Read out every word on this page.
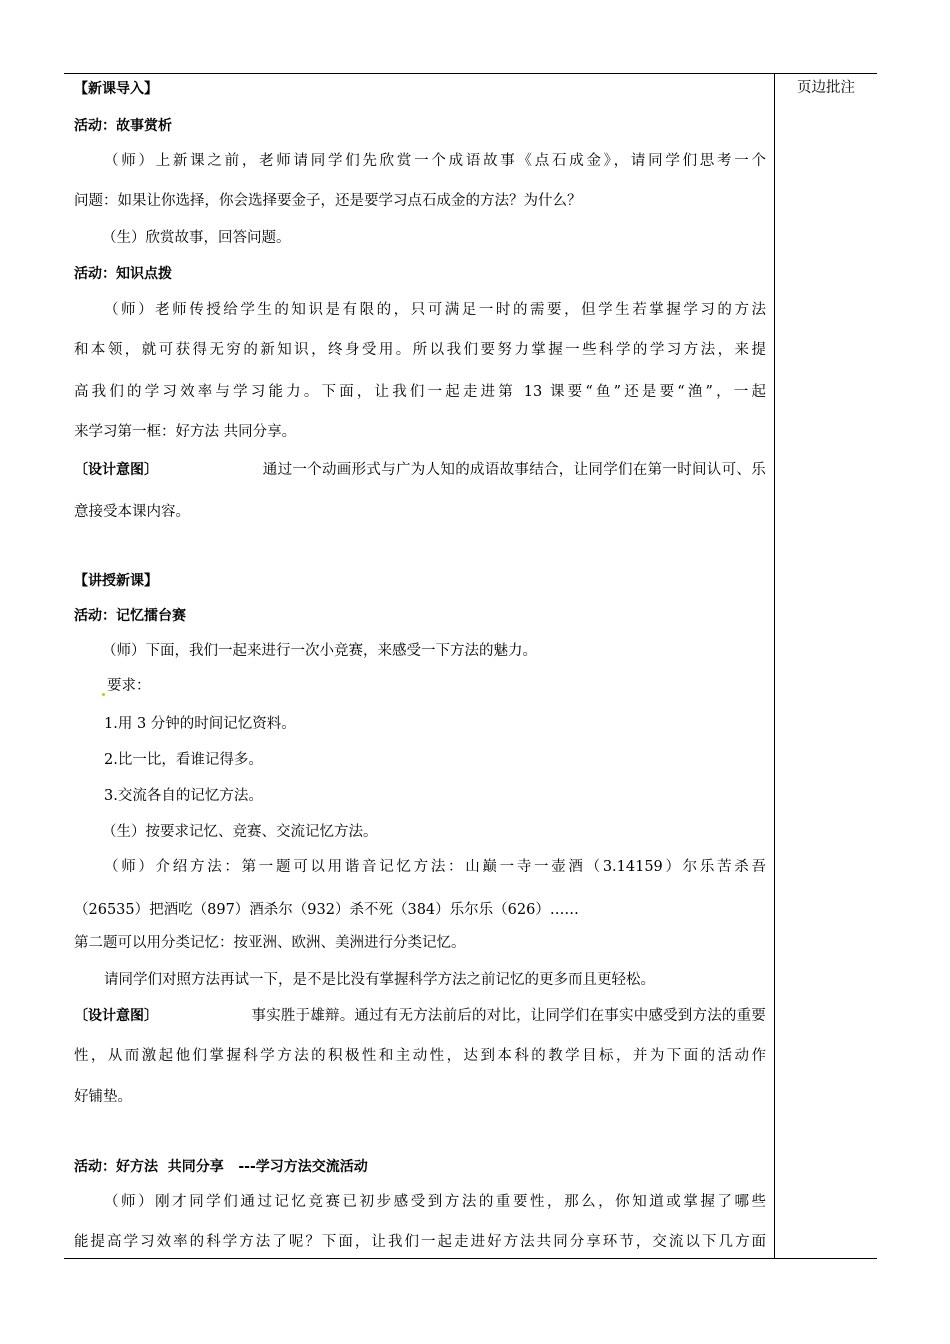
【新课导入】
活动：故事赏析
（师）上新课之前，老师请同学们先欣赏一个成语故事《点石成金》，请同学们思考一个
问题：如果让你选择，你会选择要金子，还是要学习点石成金的方法？为什么？
（生）欣赏故事，回答问题。
活动：知识点拨
（师）老师传授给学生的知识是有限的，只可满足一时的需要，但学生若掌握学习的方法
和本领，就可获得无穷的新知识，终身受用。所以我们要努力掌握一些科学的学习方法，来提
高我们的学习效率与学习能力。下面，让我们一起走进第 13 课要“鱼”还是要“渔”，一起
来学习第一框：好方法 共同分享。
〔设计意图〕	通过一个动画形式与广为人知的成语故事结合，让同学们在第一时间认可、乐
意接受本课内容。
【讲授新课】
活动：记忆擂台赛
（师）下面，我们一起来进行一次小竞赛，来感受一下方法的魅力。
要求：
1.用 3 分钟的时间记忆资料。
2.比一比，看谁记得多。
3.交流各自的记忆方法。
（生）按要求记忆、竞赛、交流记忆方法。
（师）介绍方法：第一题可以用谐音记忆方法：山巅一寺一壶酒（3.14159）尔乐苦杀吾
（26535）把酒吃（897）酒杀尔（932）杀不死（384）乐尔乐（626）……
第二题可以用分类记忆：按亚洲、欧洲、美洲进行分类记忆。
请同学们对照方法再试一下，是不是比没有掌握科学方法之前记忆的更多而且更轻松。
〔设计意图〕	事实胜于雄辩。通过有无方法前后的对比，让同学们在事实中感受到方法的重要
性，从而激起他们掌握科学方法的积极性和主动性，达到本科的教学目标，并为下面的活动作
好铺垫。
活动：好方法  共同分享   ---学习方法交流活动
（师）刚才同学们通过记忆竞赛已初步感受到方法的重要性，那么，你知道或掌握了哪些
能提高学习效率的科学方法了呢？下面，让我们一起走进好方法共同分享环节，交流以下几方面
页边批注
